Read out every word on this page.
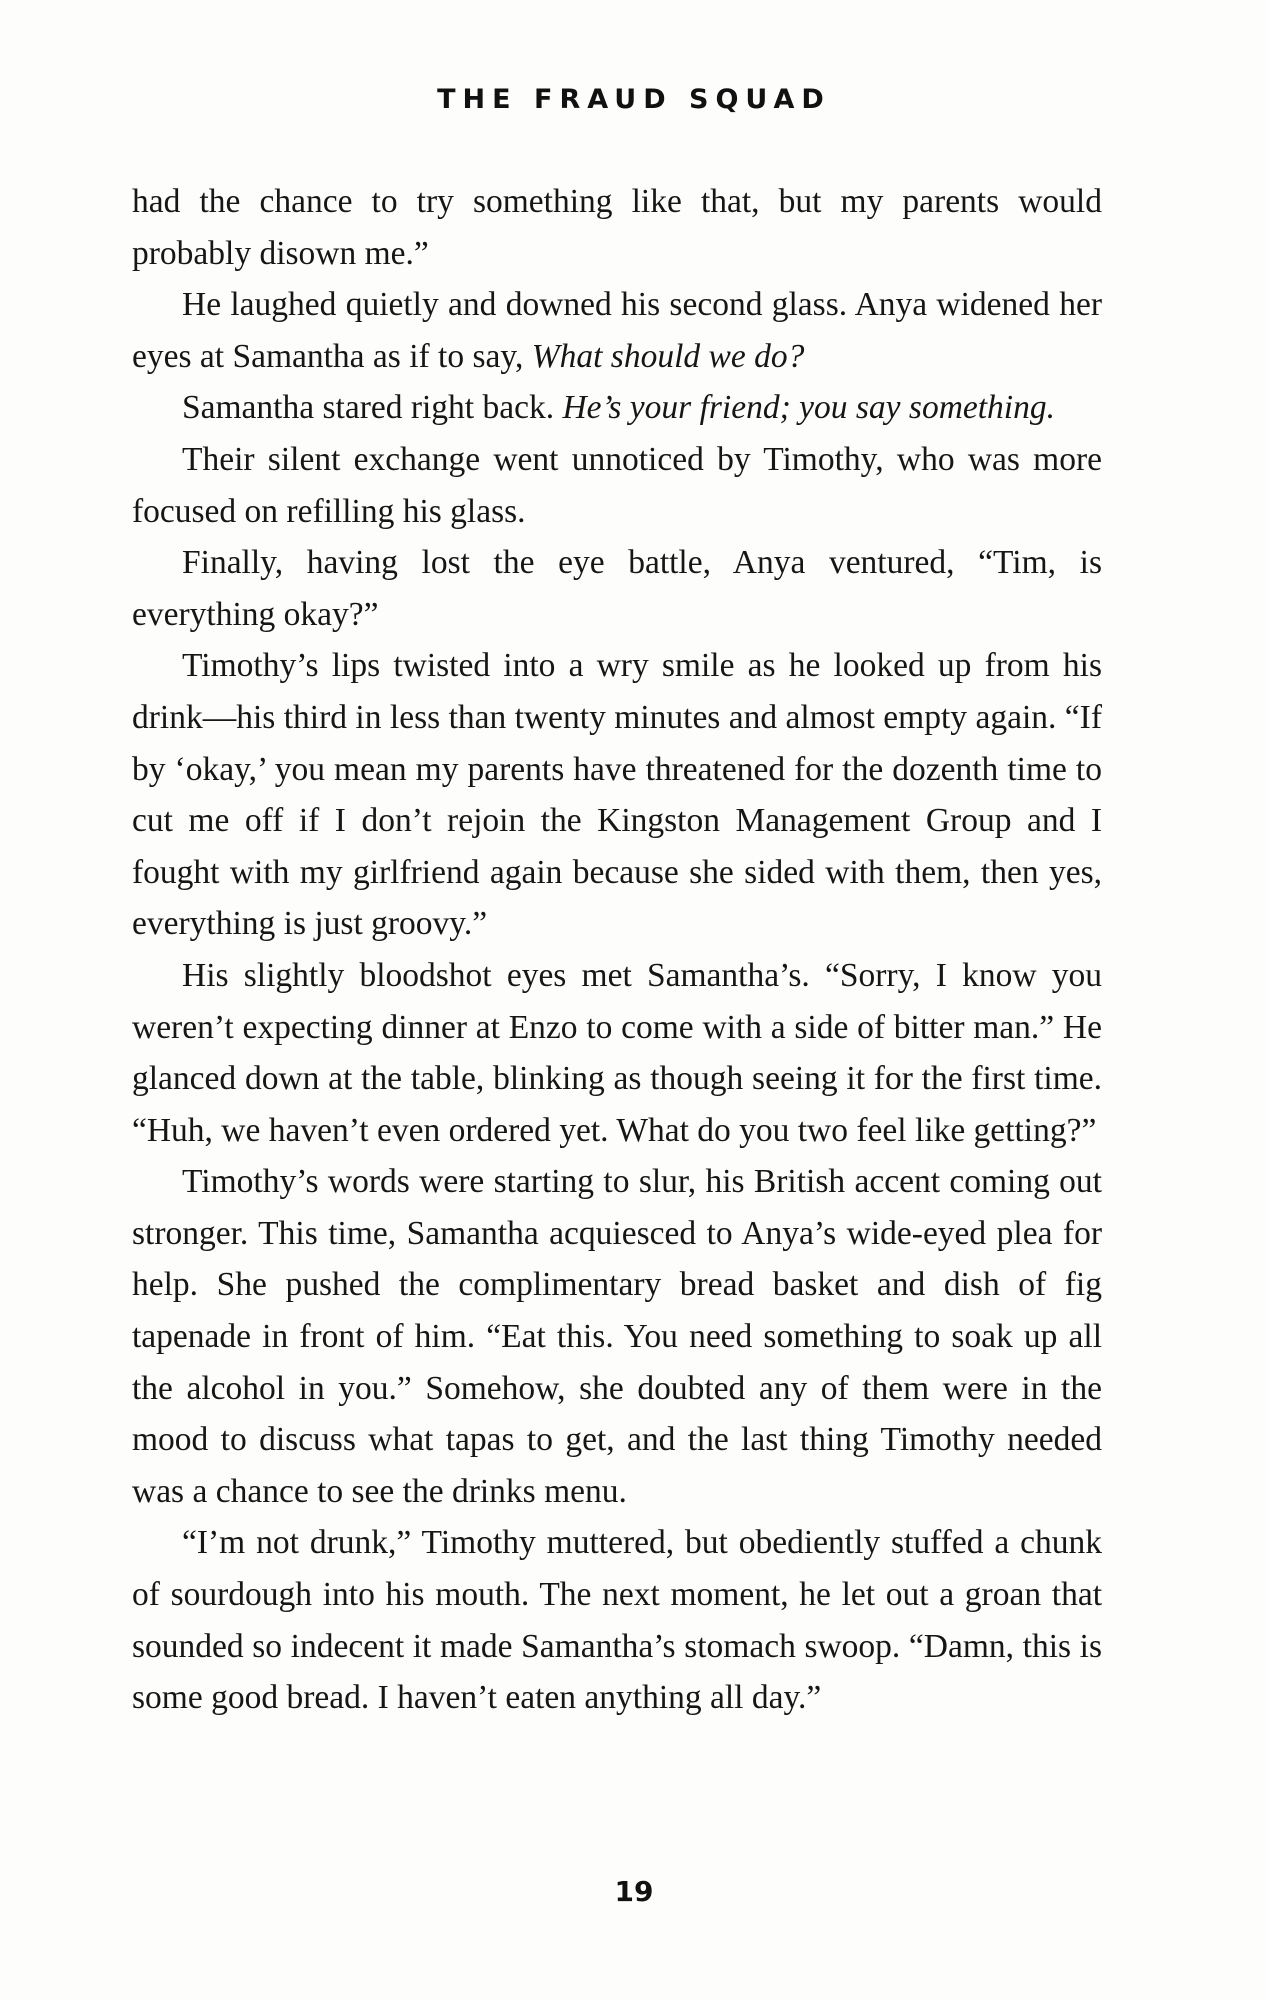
THE FRAUD SQUAD

had the chance to try something like that, but my parents would probably disown me.”

He laughed quietly and downed his second glass. Anya widened her eyes at Samantha as if to say, What should we do?

Samantha stared right back. He’s your friend; you say something.

Their silent exchange went unnoticed by Timothy, who was more focused on refilling his glass.

Finally, having lost the eye battle, Anya ventured, “Tim, is everything okay?”

Timothy’s lips twisted into a wry smile as he looked up from his drink—his third in less than twenty minutes and almost empty again. “If by ‘okay,’ you mean my parents have threatened for the dozenth time to cut me off if I don’t rejoin the Kingston Management Group and I fought with my girlfriend again because she sided with them, then yes, everything is just groovy.”

His slightly bloodshot eyes met Samantha’s. “Sorry, I know you weren’t expecting dinner at Enzo to come with a side of bitter man.” He glanced down at the table, blinking as though seeing it for the first time. “Huh, we haven’t even ordered yet. What do you two feel like getting?”

Timothy’s words were starting to slur, his British accent coming out stronger. This time, Samantha acquiesced to Anya’s wide-eyed plea for help. She pushed the complimentary bread basket and dish of fig tapenade in front of him. “Eat this. You need something to soak up all the alcohol in you.” Somehow, she doubted any of them were in the mood to discuss what tapas to get, and the last thing Timothy needed was a chance to see the drinks menu.

“I’m not drunk,” Timothy muttered, but obediently stuffed a chunk of sourdough into his mouth. The next moment, he let out a groan that sounded so indecent it made Samantha’s stomach swoop. “Damn, this is some good bread. I haven’t eaten anything all day.”

19
